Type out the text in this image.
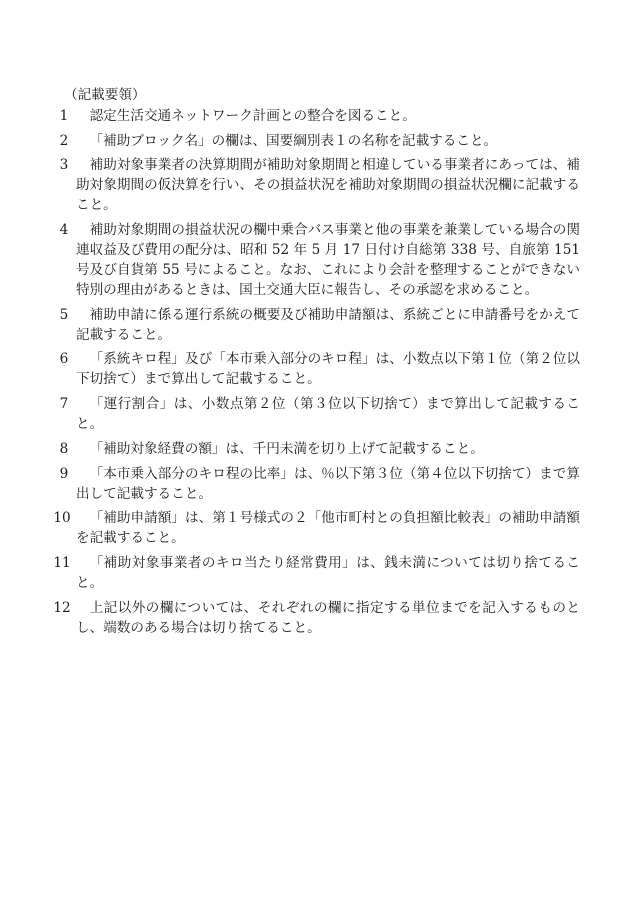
（記載要領）
1	認定生活交通ネットワーク計画との整合を図ること。
2	「補助ブロック名」の欄は、国要綱別表１の名称を記載すること。
3	補助対象事業者の決算期間が補助対象期間と相違している事業者にあっては、補助対象期間の仮決算を行い、その損益状況を補助対象期間の損益状況欄に記載すること。
4	補助対象期間の損益状況の欄中乗合バス事業と他の事業を兼業している場合の関連収益及び費用の配分は、昭和 52 年 5 月 17 日付け自総第 338 号、自旅第 151 号及び自貨第 55 号によること。なお、これにより会計を整理することができない特別の理由があるときは、国土交通大臣に報告し、その承認を求めること。
5	補助申請に係る運行系統の概要及び補助申請額は、系統ごとに申請番号をかえて記載すること。
6	「系統キロ程」及び「本市乗入部分のキロ程」は、小数点以下第１位（第２位以下切捨て）まで算出して記載すること。
7	「運行割合」は、小数点第２位（第３位以下切捨て）まで算出して記載すること。
8	「補助対象経費の額」は、千円未満を切り上げて記載すること。
9	「本市乗入部分のキロ程の比率」は、％以下第３位（第４位以下切捨て）まで算出して記載すること。
10	「補助申請額」は、第１号様式の２「他市町村との負担額比較表」の補助申請額を記載すること。
11	「補助対象事業者のキロ当たり経常費用」は、銭未満については切り捨てること。
12	上記以外の欄については、それぞれの欄に指定する単位までを記入するものとし、端数のある場合は切り捨てること。
